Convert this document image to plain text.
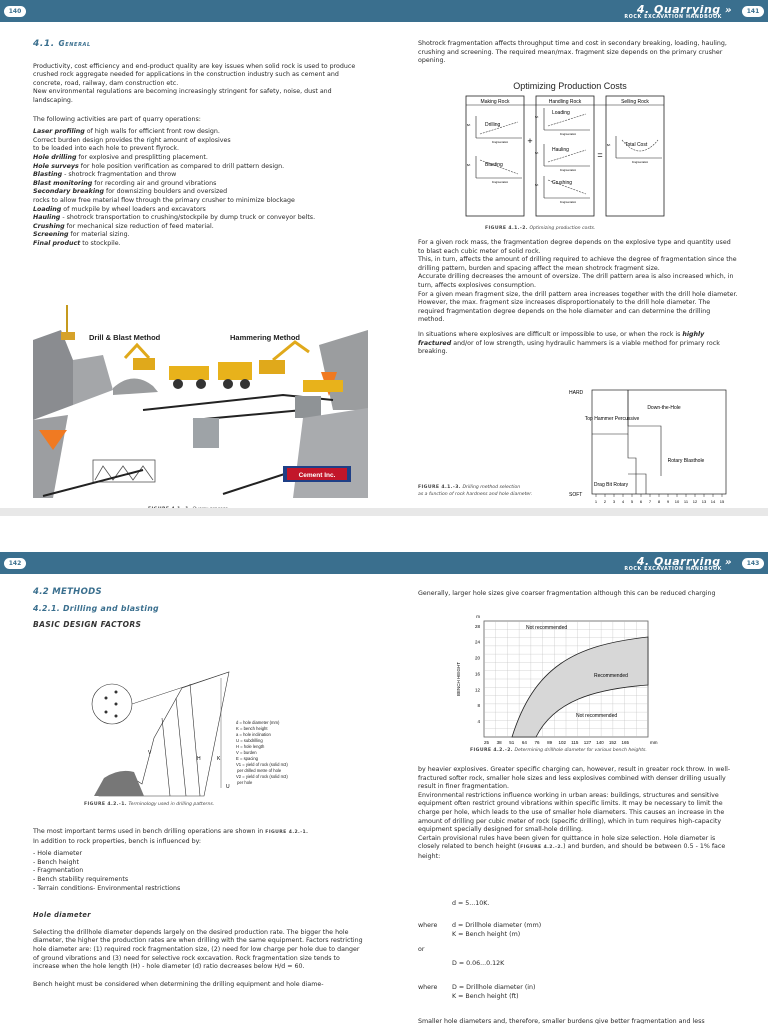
140	4. Quarrying »
ROCK EXCAVATION HANDBOOK
141
4.1. General

Productivity, cost efficiency and end-product quality are key issues when solid rock is used to produce crushed rock aggregate needed for applications in the construction industry such as cement and concrete, road, railway, dam construction etc.

New environmental regulations are becoming increasingly stringent for safety, noise, dust and landscaping.

The following activities are part of quarry operations:

Laser profiling of high walls for efficient front row design.

Correct burden design provides the right amount of explosives

to be loaded into each hole to prevent flyrock.

Hole drilling for explosive and presplitting placement.

Hole surveys for hole position verification as compared to drill pattern design.

Blasting - shotrock fragmentation and throw

Blast monitoring for recording air and ground vibrations

Secondary breaking for downsizing boulders and oversized

rocks to allow free material flow through the primary crusher to minimize blockage

Loading of muckpile by wheel loaders and excavators

Hauling - shotrock transportation to crushing/stockpile by dump truck or conveyor belts.

Crushing for mechanical size reduction of feed material.

Screening for material sizing.

Final product to stockpile.

Drill & Blast Method	Hammering Method
Cement Inc.

Shotrock fragmentation affects throughput time and cost in secondary breaking, loading, hauling, crushing and screening. The required mean/max. fragment size depends on the primary crusher opening.

Optimizing Production Costs
Making Rock	Handling Rock	Selling Rock
$/t
Fragmentation
$/t
Fragmentation
$/t
Fragmentation
$/t
Fragmentation
$/t
Fragmentation
$/t
Fragmentation
Drilling
Blasting
Loading
Hauling
Crushing
Total Cost
+
=
FIGURE 4.1.-2. Optimizing production costs.

For a given rock mass, the fragmentation degree depends on the explosive type and quantity used to blast each cubic meter of solid rock.

This, in turn, affects the amount of drilling required to achieve the degree of fragmentation since the drilling pattern, burden and spacing affect the mean shotrock fragment size.

Accurate drilling decreases the amount of oversize. The drill pattern area is also increased which, in turn, affects explosives consumption.

For a given mean fragment size, the drill pattern area increases together with the drill hole diameter. However, the max. fragment size increases disproportionately to the drill hole diameter. The required fragmentation degree depends on the hole diameter and can determine the drilling method.

In situations where explosives are difficult or impossible to use, or when the rock is highly fractured and/or of low strength, using hydraulic hammers is a viable method for primary rock breaking.

HARD
SOFT
Top Hammer Percussive
Down-the-Hole
Rotary Blasthole
Drag Bit Rotary
1 2 3 4 5 6 7 8 9 10 11 12 13 14 15
FIGURE 4.1.-3. Drilling method selection
as a function of rock hardness and hole diameter.
142	4. Quarrying »
ROCK EXCAVATION HANDBOOK
143
4.2 METHODS
4.2.1. Drilling and blasting
BASIC DESIGN FACTORS
V
H	K
U
d = hole diameter (mm) K = bench height a = hole inclination U = subdrilling H = hole length V = burden E = spacing V1 = yield of rock (solid m3) per drilled metre of hole V2 = yield of rock (solid m3) per hole
FIGURE 4.2.-1. Terminology used in drilling patterns.

The most important terms used in bench drilling operations are shown in FIGURE 4.2.-1.

In addition to rock properties, bench is influenced by:

- Hole diameter

- Bench height

- Fragmentation

- Bench stability requirements

- Terrain conditions- Environmental restrictions

Hole diameter

Selecting the drillhole diameter depends largely on the desired production rate. The bigger the hole diameter, the higher the production rates are when drilling with the same equipment. Factors restricting hole diameter are: (1) required rock fragmentation size, (2) need for low charge per hole due to danger of ground vibrations and (3) need for selective rock excavation. Rock fragmentation size tends to increase when the hole length (H) - hole diameter (d) ratio decreases below H/d = 60.

Bench height must be considered when determining the drilling equipment and hole diame-

Generally, larger hole sizes give coarser fragmentation although this can be reduced charging

Not recommended
Recommended
Not recommended
4
8
12
16
20
24
28
m
BENCH HEIGHT
25 38 51 64 76 89 102 115 127 140 152 165	mm
FIGURE 4.2.-2. Determining drillhole diameter for various bench heights.

by heavier explosives. Greater specific charging can, however, result in greater rock throw. In well-fractured softer rock, smaller hole sizes and less explosives combined with denser drilling usually result in finer fragmentation.

Environmental restrictions influence working in urban areas: buildings, structures and sensitive equipment often restrict ground vibrations within specific limits. It may be necessary to limit the charge per hole, which leads to the use of smaller hole diameters. This causes an increase in the amount of drilling per cubic meter of rock (specific drilling), which in turn requires high-capacity equipment specially designed for small-hole drilling.

Certain provisional rules have been given for quittance in hole size selection. Hole diameter is closely related to bench height (FIGURE 4.2.-2.) and burden, and should be between 0.5 - 1% face height:

d = 5...10K.
where d = Drillhole diameter (mm)
K = Bench height (m)
or
D = 0.06...0.12K
where D = Drillhole diameter (in)
K = Bench height (ft)
Smaller hole diameters and, therefore, smaller burdens give better fragmentation and less
